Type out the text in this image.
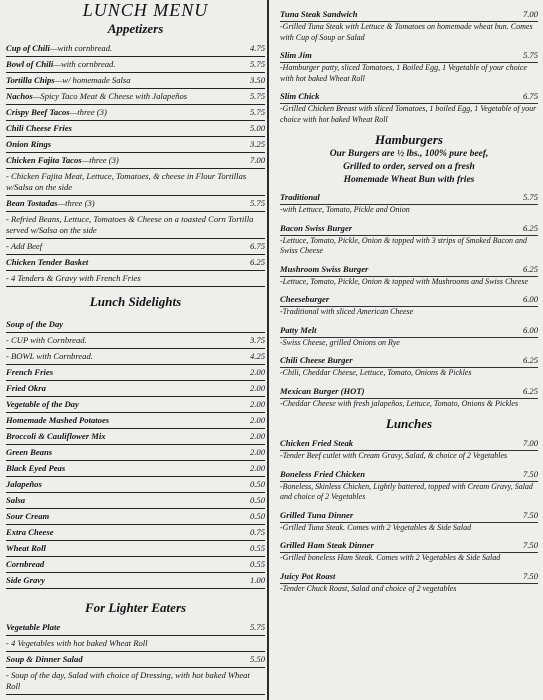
LUNCH MENU
Appetizers
Cup of Chili—with cornbread.	4.75
Bowl of Chili—with cornbread.	5.75
Tortilla Chips—w/ homemade Salsa	3.50
Nachos—Spicy Taco Meat & Cheese with Jalapeños	5.75
Crispy Beef Tacos—three (3)	5.75
Chili Cheese Fries	5.00
Onion Rings	3.25
Chicken Fajita Tacos—three (3)	7.00
- Chicken Fajita Meat, Lettuce, Tomatoes, & cheese in Flour Tortillas w/Salsa on the side
Bean Tostadas—three (3)	5.75
- Refried Beans, Lettuce, Tomatoes & Cheese on a toasted Corn Tortilla served w/Salsa on the side
- Add Beef	6.75
Chicken Tender Basket	6.25
- 4 Tenders & Gravy with French Fries
Lunch Sidelights
Soup of the Day
- CUP with Cornbread.	3.75
- BOWL with Cornbread.	4.25
French Fries	2.00
Fried Okra	2.00
Vegetable of the Day	2.00
Homemade Mashed Potatoes	2.00
Broccoli & Cauliflower Mix	2.00
Green Beans	2.00
Black Eyed Peas	2.00
Jalapeños	0.50
Salsa	0.50
Sour Cream	0.50
Extra Cheese	0.75
Wheat Roll	0.55
Cornbread	0.55
Side Gravy	1.00
For Lighter Eaters
Vegetable Plate	5.75
- 4 Vegetables with hot baked Wheat Roll
Soup & Dinner Salad	5.50
- Soup of the day, Salad with choice of Dressing, with hot baked Wheat Roll
Tuna Steak Sandwich	7.00
-Grilled Tuna Steak with Lettuce & Tomatoes on homemade wheat bun. Comes with Cup of Soup or Salad
Slim Jim	5.75
-Hamburger patty, sliced Tomatoes, 1 Boiled Egg, 1 Vegetable of your choice with hot baked Wheat Roll
Slim Chick	6.75
-Grilled Chicken Breast with sliced Tomatoes, 1 boiled Egg, 1 Vegetable of your choice with hot baked Wheat Roll
Hamburgers
Our Burgers are ½ lbs., 100% pure beef,
Grilled to order, served on a fresh
Homemade Wheat Bun with fries
Traditional	5.75
-with Lettuce, Tomato, Pickle and Onion
Bacon Swiss Burger	6.25
-Lettuce, Tomato, Pickle, Onion & topped with 3 strips of Smoked Bacon and Swiss Cheese
Mushroom Swiss Burger	6.25
-Lettuce, Tomato, Pickle, Onion & topped with Mushrooms and Swiss Cheese
Cheeseburger	6.00
-Traditional with sliced American Cheese
Patty Melt	6.00
-Swiss Cheese, grilled Onions on Rye
Chili Cheese Burger	6.25
-Chili, Cheddar Cheese, Lettuce, Tomato, Onions & Pickles
Mexican Burger (HOT)	6.25
-Cheddar Cheese with fresh jalapeños, Lettuce, Tomato, Onions & Pickles
Lunches
Chicken Fried Steak	7.00
-Tender Beef cutlet with Cream Gravy, Salad, & choice of 2 Vegetables
Boneless Fried Chicken	7.50
-Boneless, Skinless Chicken, Lightly battered, topped with Cream Gravy, Salad and choice of 2 Vegetables
Grilled Tuna Dinner	7.50
-Grilled Tuna Steak. Comes with 2 Vegetables & Side Salad
Grilled Ham Steak Dinner	7.50
-Grilled boneless Ham Steak. Comes with 2 Vegetables & Side Salad
Juicy Pot Roast	7.50
-Tender Chuck Roast, Salad and choice of 2 vegetables
